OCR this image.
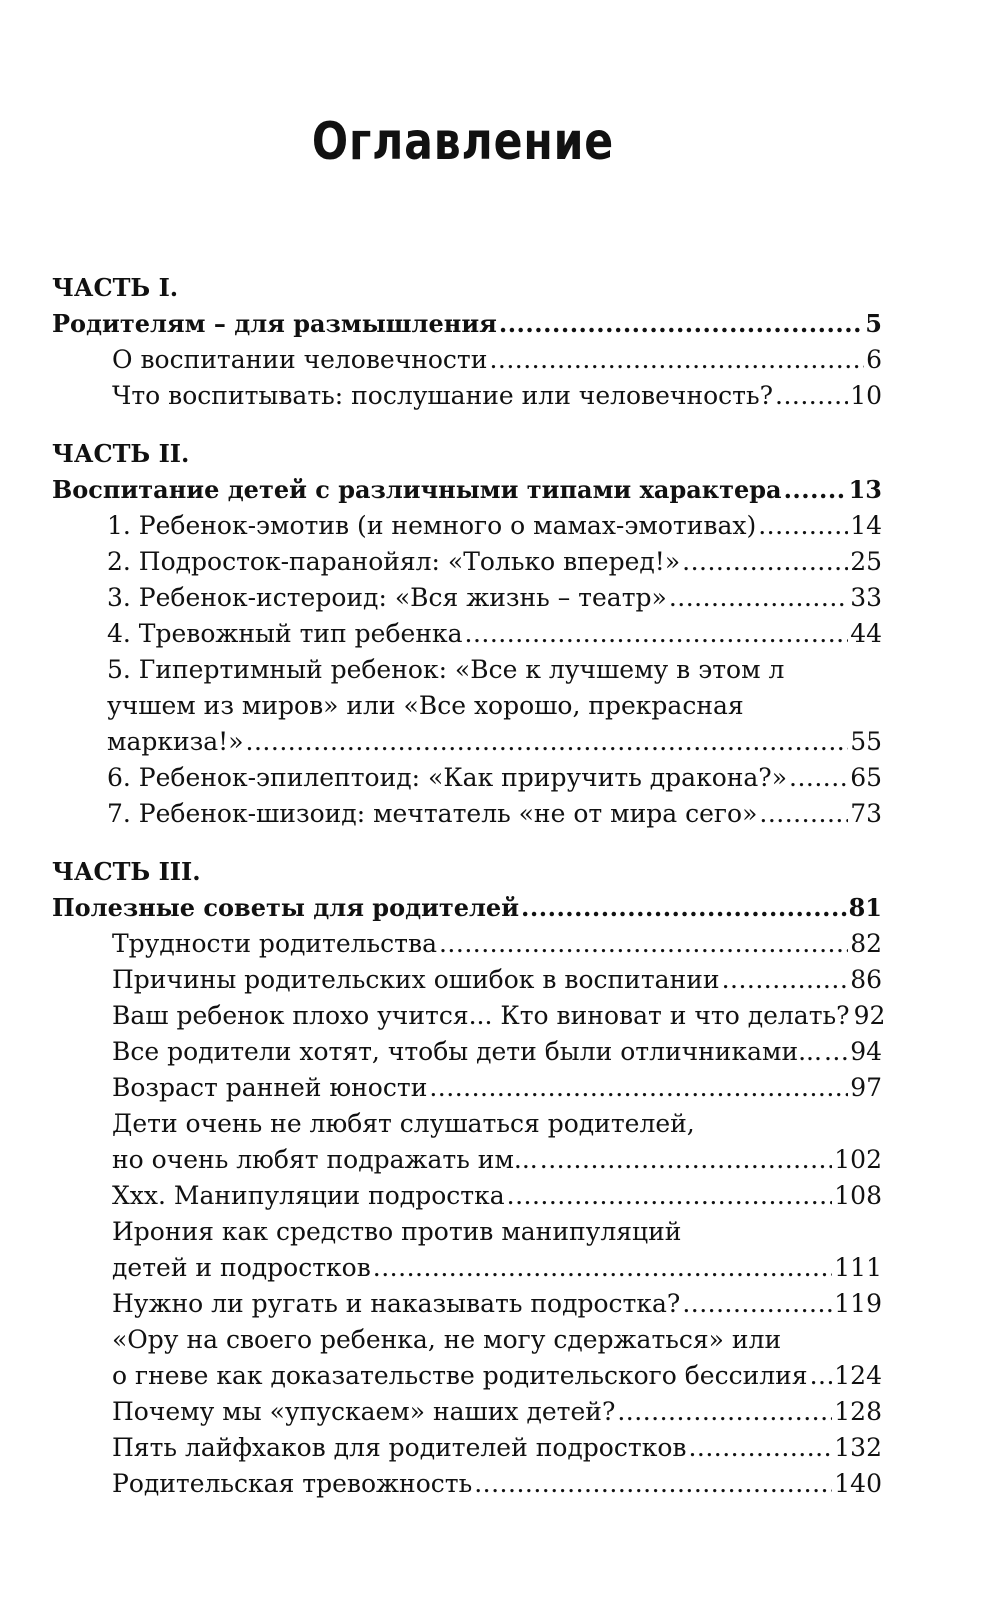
Оглавление
ЧАСТЬ I.
Родителям – для размышления .....	5
О воспитании человечности .....	6
Что воспитывать: послушание или человечность? .....	10
ЧАСТЬ II.
Воспитание детей с различными типами характера .....	13
1. Ребенок-эмотив (и немного о мамах-эмотивах) .....	14
2. Подросток-паранойял: «Только вперед!» .....	25
3. Ребенок-истероид: «Вся жизнь – театр» .....	33
4. Тревожный тип ребенка .....	44
5. Гипертимный ребенок: «Все к лучшему в этом л
учшем из миров» или «Все хорошо, прекрасная
маркиза!» .....	55
6. Ребенок-эпилептоид: «Как приручить дракона?» .....	65
7. Ребенок-шизоид: мечтатель «не от мира сего» .....	73
ЧАСТЬ III.
Полезные советы для родителей .....	81
Трудности родительства .....	82
Причины родительских ошибок в воспитании .....	86
Ваш ребенок плохо учится... Кто виноват и что делать? 92
Все родители хотят, чтобы дети были отличниками... ..... 94
Возраст ранней юности .....	97
Дети очень не любят слушаться родителей,
но очень любят подражать им... .....	102
Ххх. Манипуляции подростка .....	108
Ирония как средство против манипуляций
детей и подростков .....	111
Нужно ли ругать и наказывать подростка? .....	119
«Ору на своего ребенка, не могу сдержаться» или
о гневе как доказательстве родительского бессилия ..... 124
Почему мы «упускаем» наших детей? .....	128
Пять лайфхаков для родителей подростков .....	132
Родительская тревожность .....	140
